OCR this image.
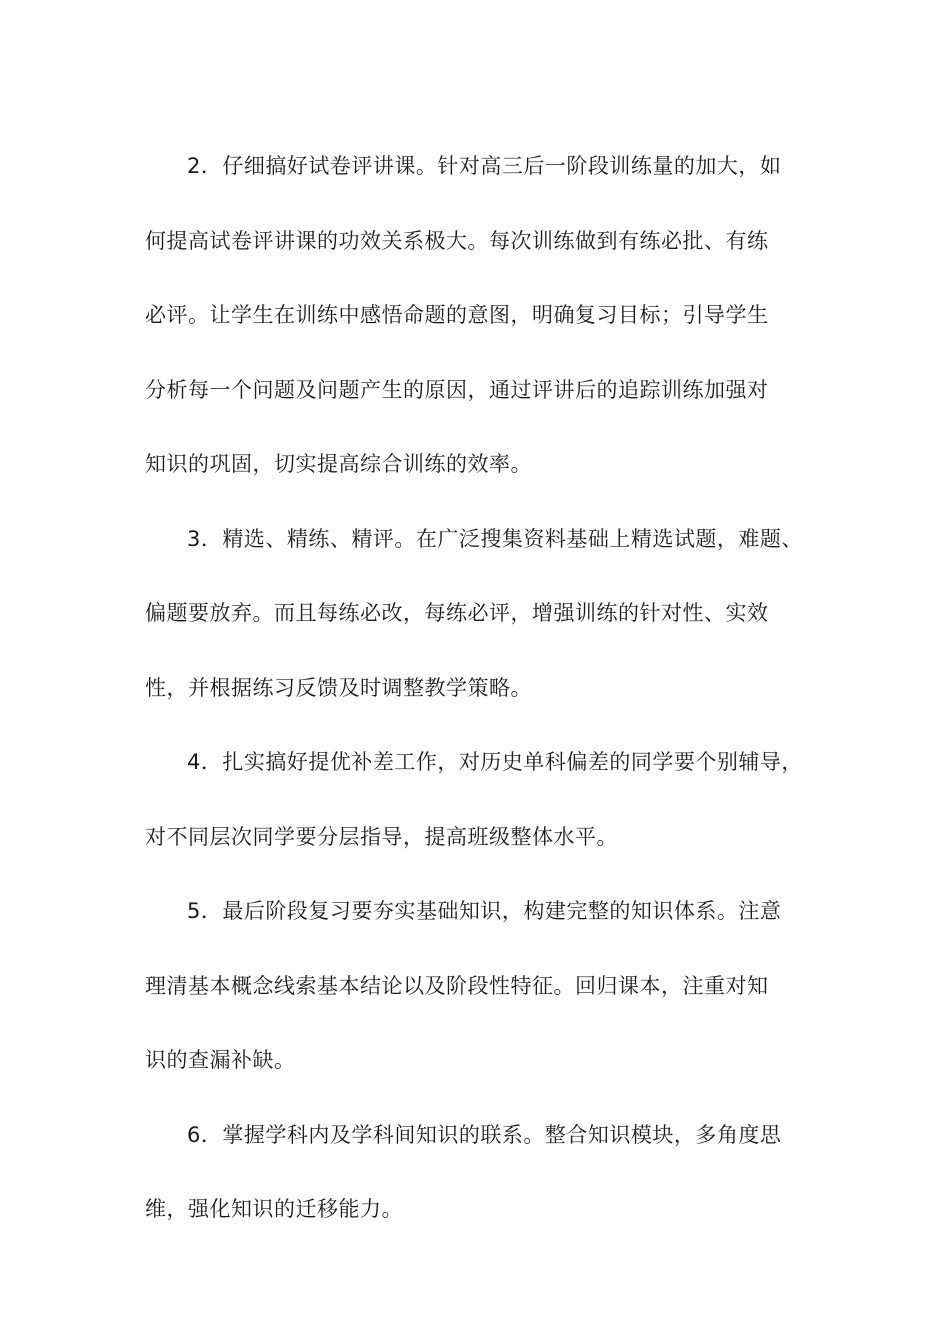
2．仔细搞好试卷评讲课。针对高三后一阶段训练量的加大，如
何提高试卷评讲课的功效关系极大。每次训练做到有练必批、有练
必评。让学生在训练中感悟命题的意图，明确复习目标；引导学生
分析每一个问题及问题产生的原因，通过评讲后的追踪训练加强对
知识的巩固，切实提高综合训练的效率。

3．精选、精练、精评。在广泛搜集资料基础上精选试题，难题、
偏题要放弃。而且每练必改，每练必评，增强训练的针对性、实效
性，并根据练习反馈及时调整教学策略。

4．扎实搞好提优补差工作，对历史单科偏差的同学要个别辅导，
对不同层次同学要分层指导，提高班级整体水平。

5．最后阶段复习要夯实基础知识，构建完整的知识体系。注意
理清基本概念线索基本结论以及阶段性特征。回归课本，注重对知
识的查漏补缺。

6．掌握学科内及学科间知识的联系。整合知识模块，多角度思
维，强化知识的迁移能力。
